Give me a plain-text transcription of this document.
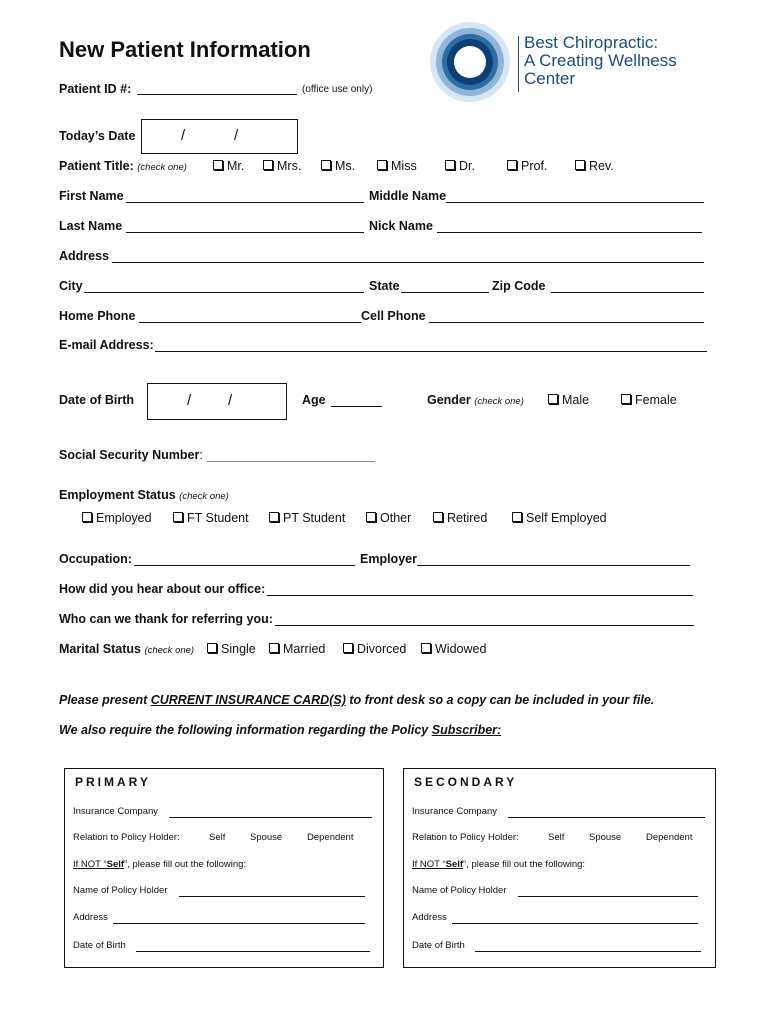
New Patient Information
Patient ID #:	(office use only)
Best Chiropractic:
A Creating Wellness
Center
Today’s Date	/	/
Patient Title: (check one)	Mr.	Mrs.	Ms.	Miss	Dr.	Prof.	Rev.
First Name	Middle Name
Last Name	Nick Name
Address
City	State	Zip Code
Home Phone	Cell Phone
E-mail Address:
Date of Birth	/ /	Age	Gender (check one)	Male	Female
Social Security Number:
Employment Status (check one)
Employed	FT Student	PT Student	Other	Retired	Self Employed
Occupation:	Employer
How did you hear about our office:
Who can we thank for referring you:
Marital Status (check one)	Single	Married	Divorced	Widowed
Please present CURRENT INSURANCE CARD(S) to front desk so a copy can be included in your file.
We also require the following information regarding the Policy Subscriber:
PRIMARY
Insurance Company
Relation to Policy Holder:	Self	Spouse	Dependent
If NOT “Self”, please fill out the following:
Name of Policy Holder
Address
Date of Birth
SECONDARY
Insurance Company
Relation to Policy Holder:	Self	Spouse	Dependent
If NOT “Self”, please fill out the following:
Name of Policy Holder
Address
Date of Birth
